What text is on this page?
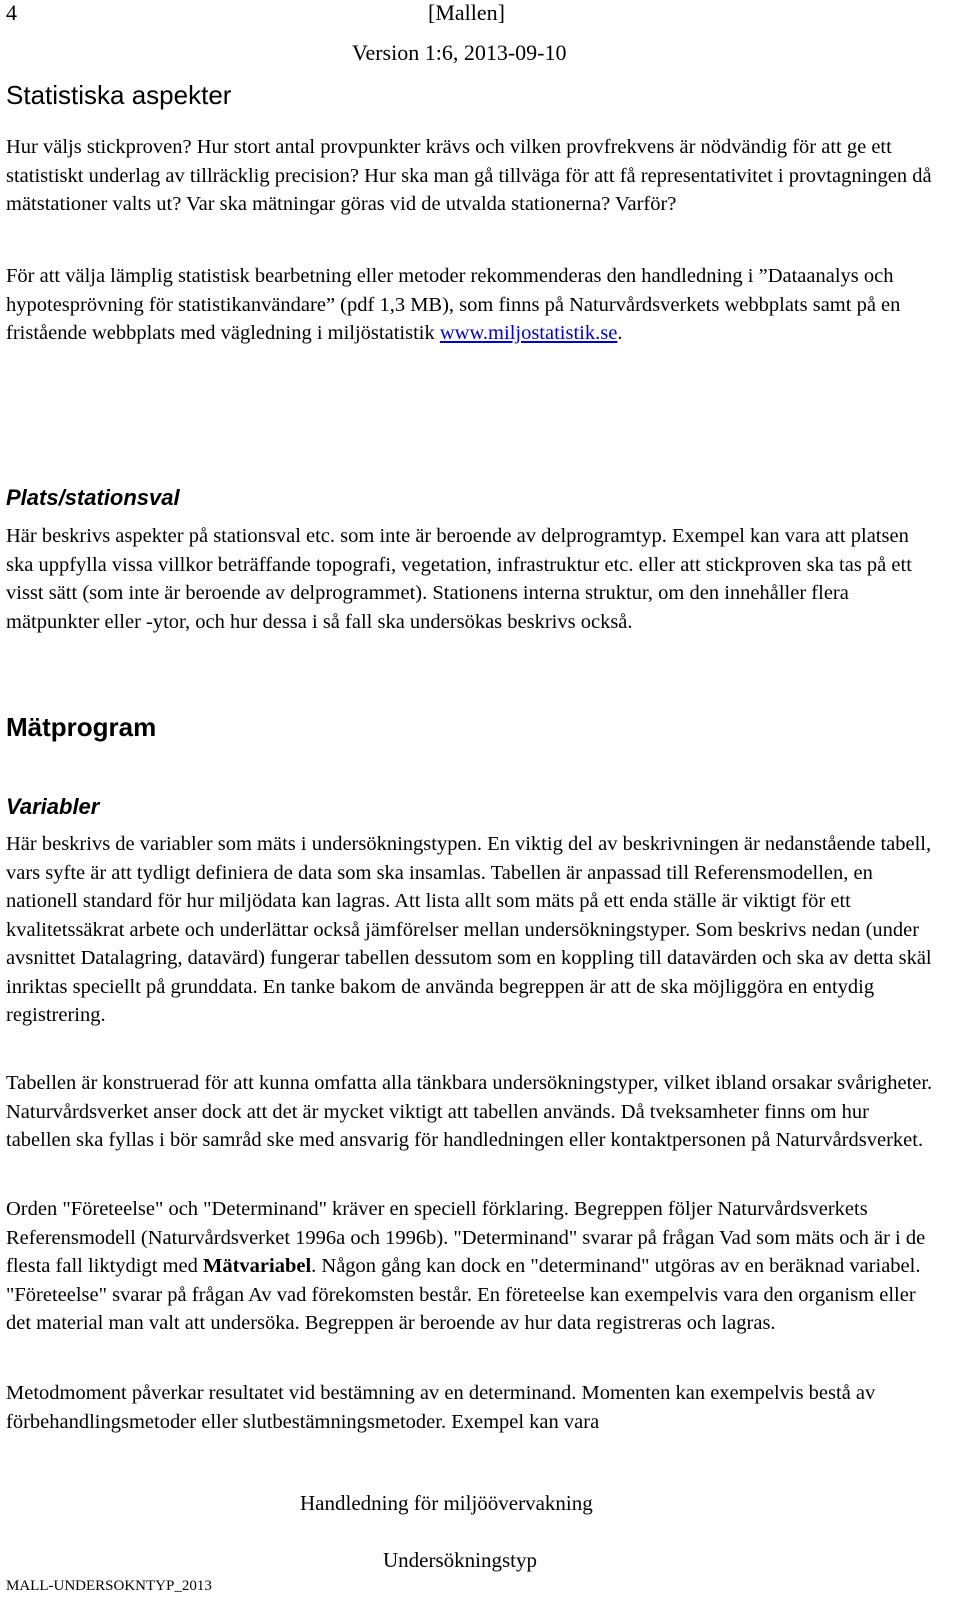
4	[Mallen]
Version 1:6, 2013-09-10
Statistiska aspekter

Hur väljs stickproven? Hur stort antal provpunkter krävs och vilken provfrekvens är nödvändig för att ge ett statistiskt underlag av tillräcklig precision? Hur ska man gå tillväga för att få representativitet i provtagningen då mätstationer valts ut? Var ska mätningar göras vid de utvalda stationerna? Varför?

För att välja lämplig statistisk bearbetning eller metoder rekommenderas den handledning i ”Dataanalys och hypotesprövning för statistikanvändare” (pdf 1,3 MB), som finns på Naturvårdsverkets webbplats samt på en fristående webbplats med vägledning i miljöstatistik www.miljostatistik.se.

Plats/stationsval

Här beskrivs aspekter på stationsval etc. som inte är beroende av delprogramtyp. Exempel kan vara att platsen ska uppfylla vissa villkor beträffande topografi, vegetation, infrastruktur etc. eller att stickproven ska tas på ett visst sätt (som inte är beroende av delprogrammet). Stationens interna struktur, om den innehåller flera mätpunkter eller -ytor, och hur dessa i så fall ska undersökas beskrivs också.

Mätprogram
Variabler

Här beskrivs de variabler som mäts i undersökningstypen. En viktig del av beskrivningen är nedanstående tabell, vars syfte är att tydligt definiera de data som ska insamlas. Tabellen är anpassad till Referensmodellen, en nationell standard för hur miljödata kan lagras. Att lista allt som mäts på ett enda ställe är viktigt för ett kvalitetssäkrat arbete och underlättar också jämförelser mellan undersökningstyper. Som beskrivs nedan (under avsnittet Datalagring, datavärd) fungerar tabellen dessutom som en koppling till datavärden och ska av detta skäl inriktas speciellt på grunddata. En tanke bakom de använda begreppen är att de ska möjliggöra en entydig registrering.

Tabellen är konstruerad för att kunna omfatta alla tänkbara undersökningstyper, vilket ibland orsakar svårigheter. Naturvårdsverket anser dock att det är mycket viktigt att tabellen används. Då tveksamheter finns om hur tabellen ska fyllas i bör samråd ske med ansvarig för handledningen eller kontaktpersonen på Naturvårdsverket.

Orden "Företeelse" och "Determinand" kräver en speciell förklaring. Begreppen följer Naturvårdsverkets Referensmodell (Naturvårdsverket 1996a och 1996b). "Determinand" svarar på frågan Vad som mäts och är i de flesta fall liktydigt med Mätvariabel. Någon gång kan dock en "determinand" utgöras av en beräknad variabel. "Företeelse" svarar på frågan Av vad förekomsten består. En företeelse kan exempelvis vara den organism eller det material man valt att undersöka. Begreppen är beroende av hur data registreras och lagras.

Metodmoment påverkar resultatet vid bestämning av en determinand. Momenten kan exempelvis bestå av förbehandlingsmetoder eller slutbestämningsmetoder. Exempel kan vara

Handledning för miljöövervakning
Undersökningstyp
MALL-UNDERSOKNTYP_2013
